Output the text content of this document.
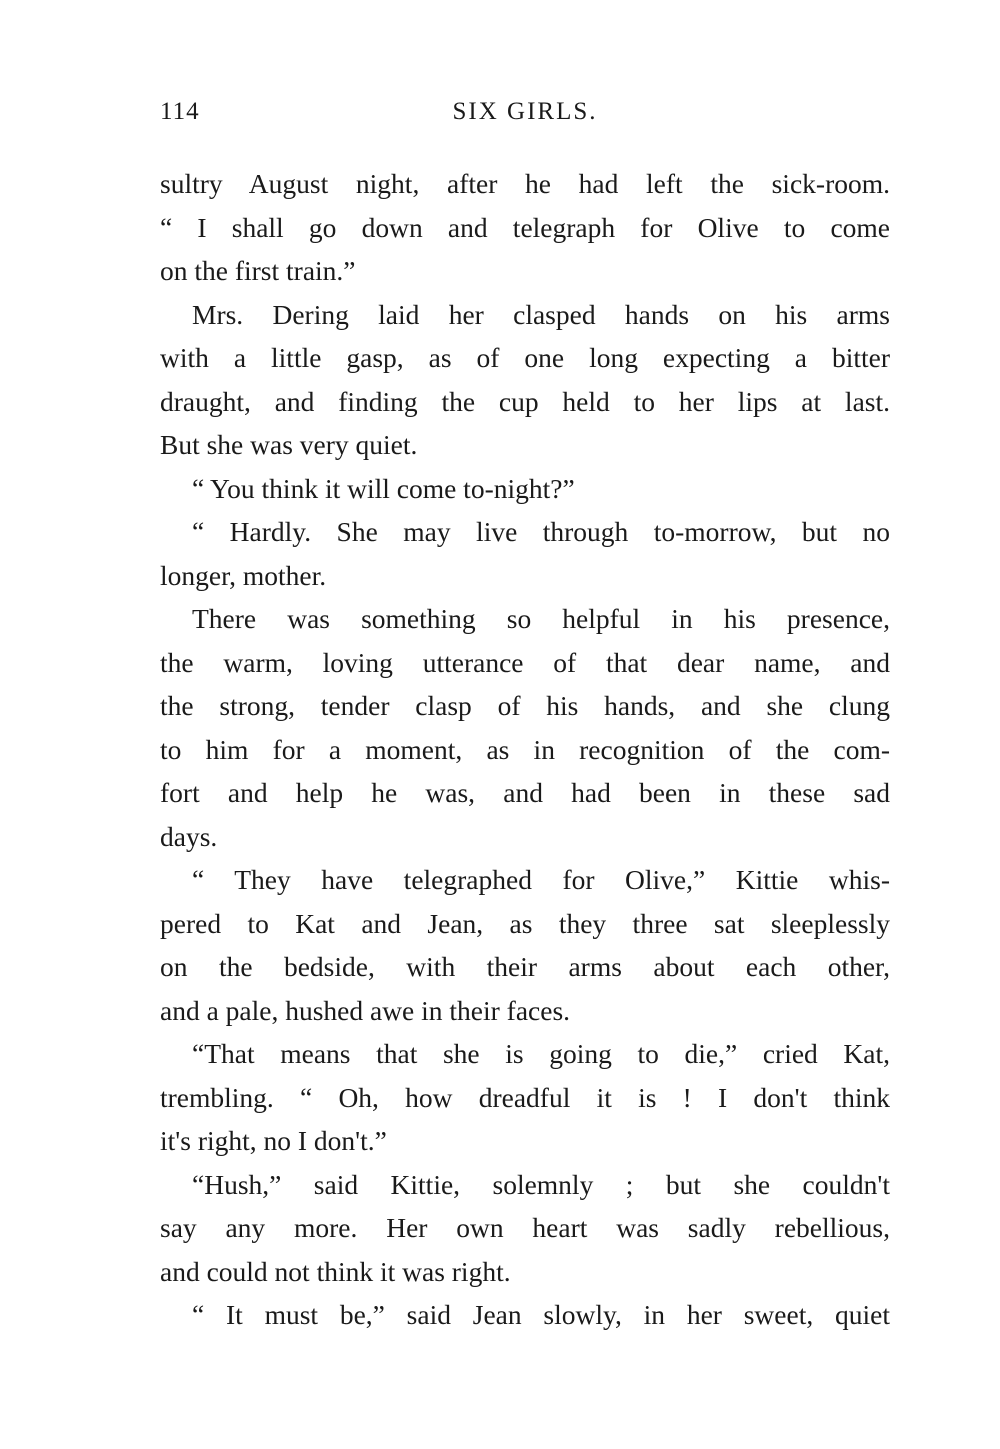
114	SIX GIRLS.
sultry August night, after he had left the sick-room.
“ I shall go down and telegraph for Olive to come
on the first train.”
Mrs. Dering laid her clasped hands on his arms
with a little gasp, as of one long expecting a bitter
draught, and finding the cup held to her lips at last.
But she was very quiet.
“ You think it will come to-night?”
“ Hardly. She may live through to-morrow, but no
longer, mother.
There was something so helpful in his presence,
the warm, loving utterance of that dear name, and
the strong, tender clasp of his hands, and she clung
to him for a moment, as in recognition of the com-
fort and help he was, and had been in these sad
days.
“ They have telegraphed for Olive,” Kittie whis-
pered to Kat and Jean, as they three sat sleeplessly
on the bedside, with their arms about each other,
and a pale, hushed awe in their faces.
“That means that she is going to die,” cried Kat,
trembling. “ Oh, how dreadful it is ! I don't think
it's right, no I don't.”
“Hush,” said Kittie, solemnly ; but she couldn't
say any more. Her own heart was sadly rebellious,
and could not think it was right.
“ It must be,” said Jean slowly, in her sweet, quiet
